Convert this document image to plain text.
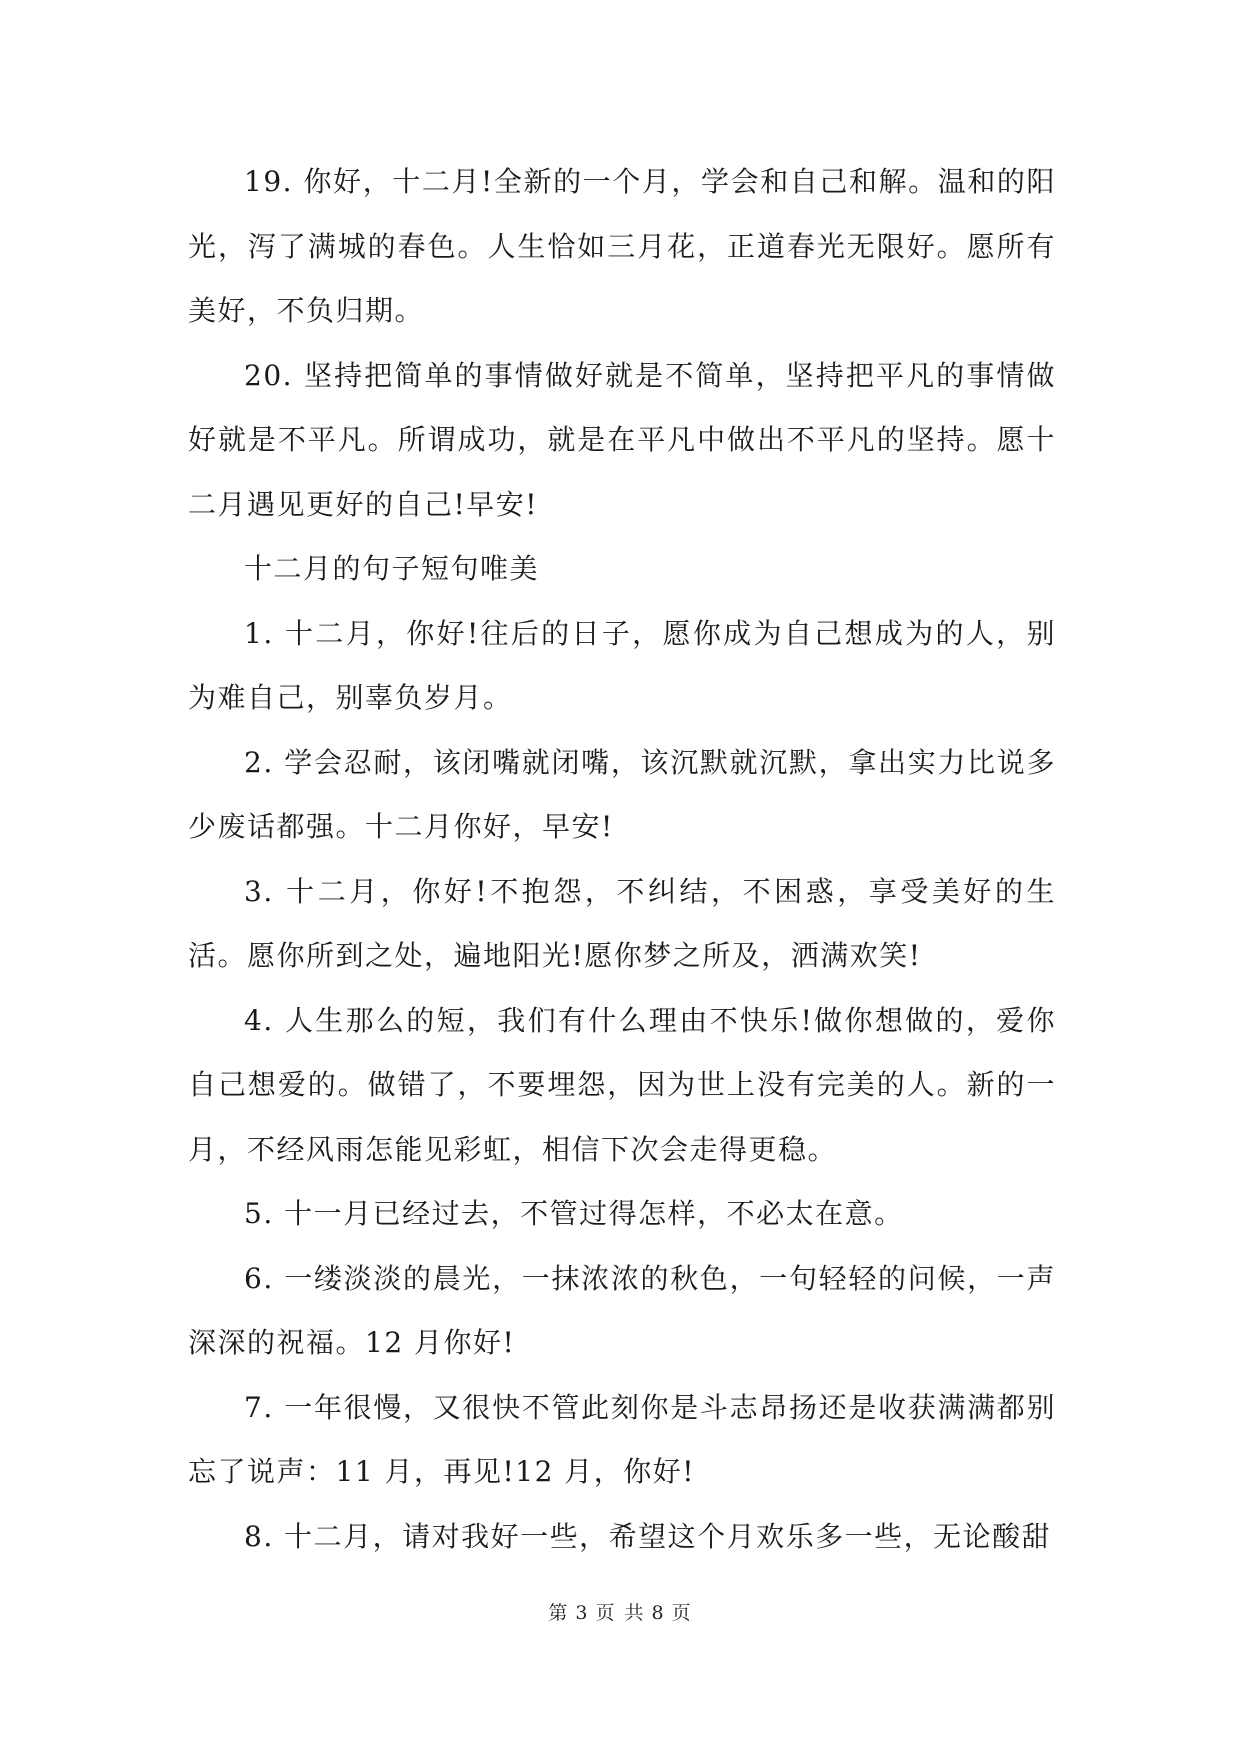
19. 你好，十二月!全新的一个月，学会和自己和解。温和的阳光，泻了满城的春色。人生恰如三月花，正道春光无限好。愿所有美好，不负归期。

20. 坚持把简单的事情做好就是不简单，坚持把平凡的事情做好就是不平凡。所谓成功，就是在平凡中做出不平凡的坚持。愿十二月遇见更好的自己!早安!

十二月的句子短句唯美

1. 十二月，你好!往后的日子，愿你成为自己想成为的人，别为难自己，别辜负岁月。

2. 学会忍耐，该闭嘴就闭嘴，该沉默就沉默，拿出实力比说多少废话都强。十二月你好，早安!

3. 十二月，你好!不抱怨，不纠结，不困惑，享受美好的生活。愿你所到之处，遍地阳光!愿你梦之所及，洒满欢笑!

4. 人生那么的短，我们有什么理由不快乐!做你想做的，爱你自己想爱的。做错了，不要埋怨，因为世上没有完美的人。新的一月，不经风雨怎能见彩虹，相信下次会走得更稳。

5. 十一月已经过去，不管过得怎样，不必太在意。

6. 一缕淡淡的晨光，一抹浓浓的秋色，一句轻轻的问候，一声深深的祝福。12 月你好!

7. 一年很慢，又很快不管此刻你是斗志昂扬还是收获满满都别忘了说声：11 月，再见!12 月，你好!

8. 十二月，请对我好一些，希望这个月欢乐多一些，无论酸甜

第 3 页 共 8 页
